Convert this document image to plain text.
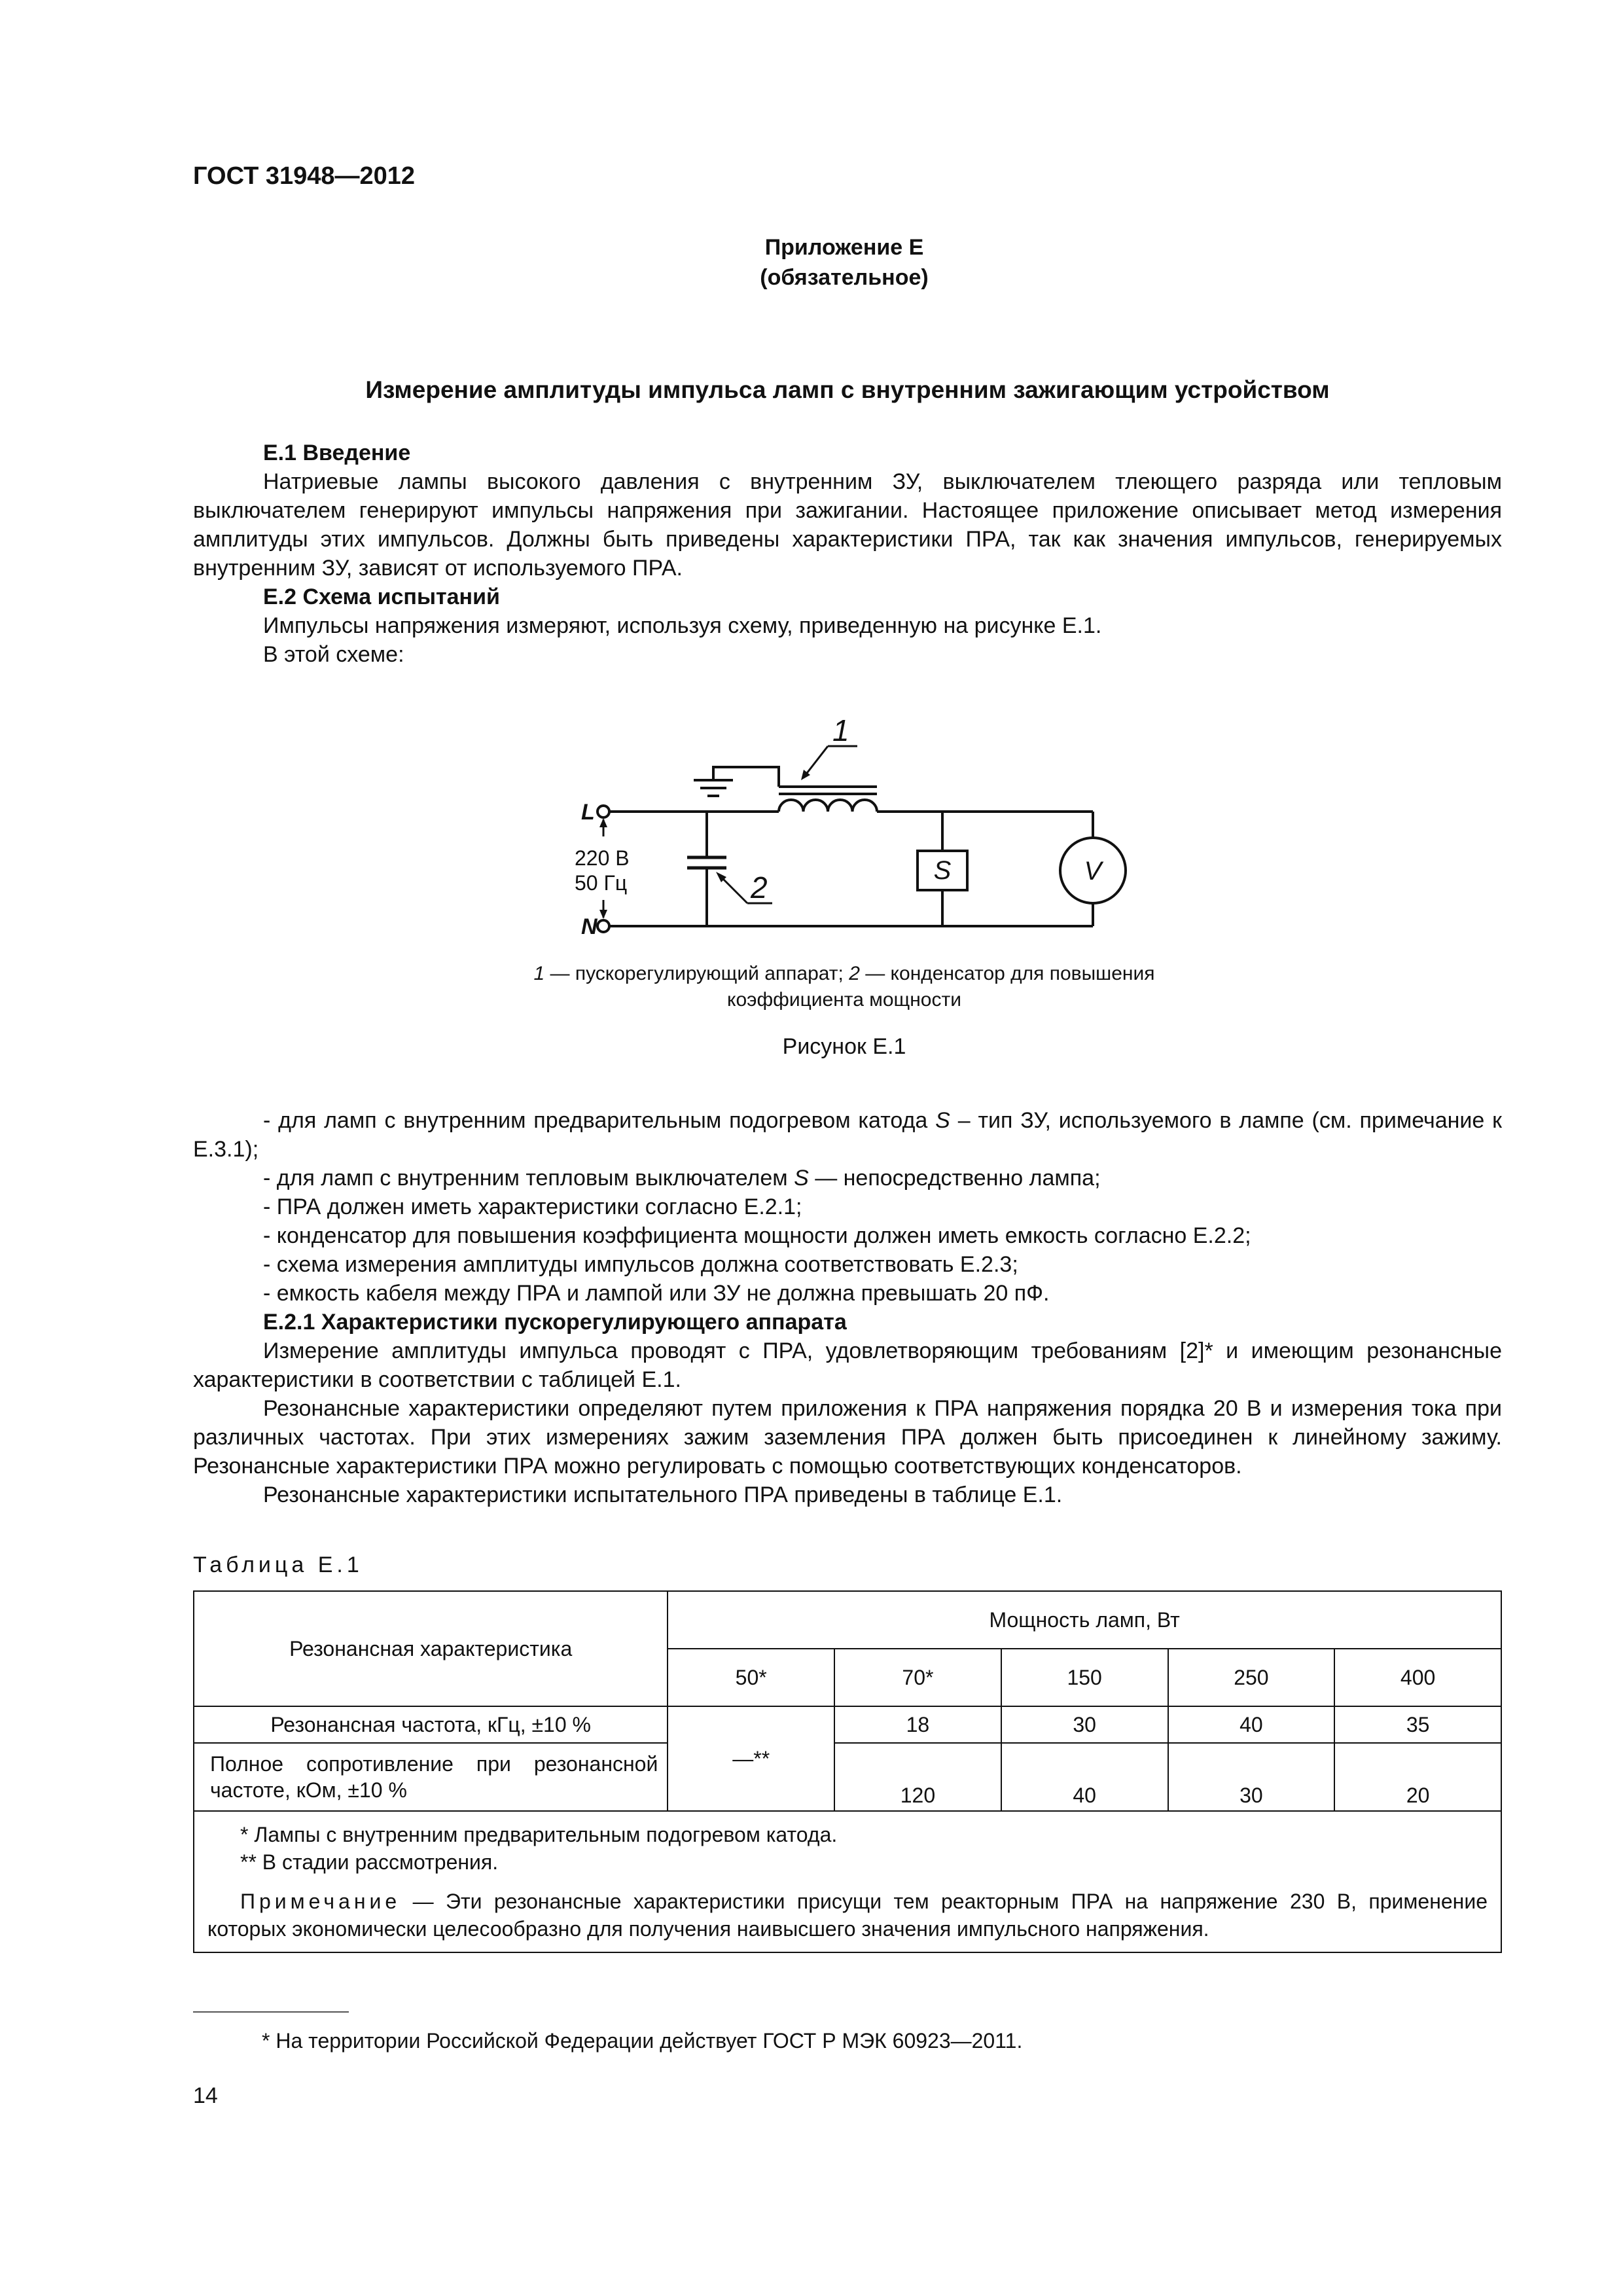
ГОСТ 31948—2012
Приложение Е
(обязательное)
Измерение амплитуды импульса ламп с внутренним зажигающим устройством

Е.1 Введение

Натриевые лампы высокого давления с внутренним ЗУ, выключателем тлеющего разряда или тепловым выключателем генерируют импульсы напряжения при зажигании. Настоящее приложение описывает метод измерения амплитуды этих импульсов. Должны быть приведены характеристики ПРА, так как значения импульсов, генерируемых внутренним ЗУ, зависят от используемого ПРА.

Е.2 Схема испытаний

Импульсы напряжения измеряют, используя схему, приведенную на рисунке Е.1.

В этой схеме:

L
N
220 В
50 Гц
1
2	S	V
1 — пускорегулирующий аппарат; 2 — конденсатор для повышения коэффициента мощности
Рисунок Е.1

- для ламп с внутренним предварительным подогревом катода S – тип ЗУ, используемого в лампе (см. примечание к Е.3.1);

- для ламп с внутренним тепловым выключателем S — непосредственно лампа;

- ПРА должен иметь характеристики согласно Е.2.1;

- конденсатор для повышения коэффициента мощности должен иметь емкость согласно Е.2.2;

- схема измерения амплитуды импульсов должна соответствовать Е.2.3;

- емкость кабеля между ПРА и лампой или ЗУ не должна превышать 20 пФ.

Е.2.1 Характеристики пускорегулирующего аппарата

Измерение амплитуды импульса проводят с ПРА, удовлетворяющим требованиям [2]* и имеющим резонансные характеристики в соответствии с таблицей Е.1.

Резонансные характеристики определяют путем приложения к ПРА напряжения порядка 20 В и измерения тока при различных частотах. При этих измерениях зажим заземления ПРА должен быть присоединен к линейному зажиму. Резонансные характеристики ПРА можно регулировать с помощью соответствующих конденсаторов.

Резонансные характеристики испытательного ПРА приведены в таблице Е.1.

Таблица Е.1
Резонансная характеристика	Мощность ламп, Вт				
	50*	70*	150	250	400
Резонансная частота, кГц, ±10 %	—**	18	30	40	35
Полное сопротивление при резонансной частоте, кОм, ±10 %		120	40	30	20

* Лампы с внутренним предварительным подогревом катода.

** В стадии рассмотрения.

Примечание — Эти резонансные характеристики присущи тем реакторным ПРА на напряжение 230 В, применение которых экономически целесообразно для получения наивысшего значения импульсного напряжения.					

* На территории Российской Федерации действует ГОСТ Р МЭК 60923—2011.
14
